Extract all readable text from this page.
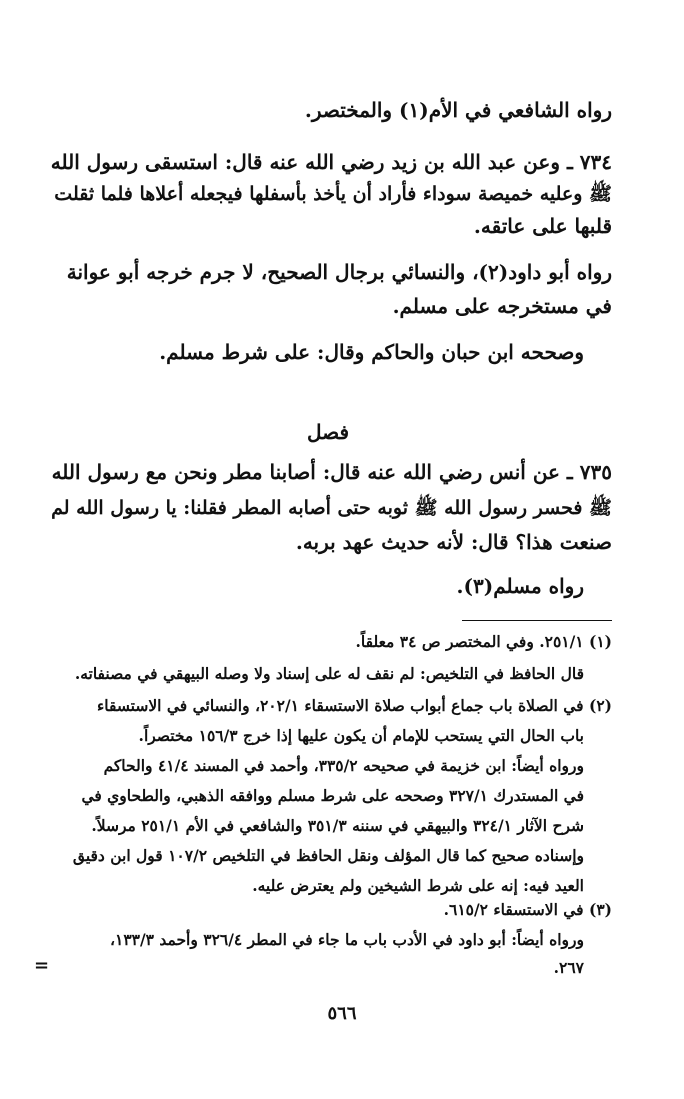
رواه الشافعي في الأم(١) والمختصر.
٧٣٤ ـ وعن عبد الله بن زيد رضي الله عنه قال: استسقى رسول الله
ﷺ وعليه خميصة سوداء فأراد أن يأخذ بأسفلها فيجعله أعلاها فلما ثقلت
قلبها على عاتقه.
رواه أبو داود(٢)، والنسائي برجال الصحيح، لا جرم خرجه أبو عوانة
في مستخرجه على مسلم.
وصححه ابن حبان والحاكم وقال: على شرط مسلم.
فصل
٧٣٥ ـ عن أنس رضي الله عنه قال: أصابنا مطر ونحن مع رسول الله
ﷺ فحسر رسول الله ﷺ ثوبه حتى أصابه المطر فقلنا: يا رسول الله لم
صنعت هذا؟ قال: لأنه حديث عهد بربه.
رواه مسلم(٣).
(١) ٢٥١/١. وفي المختصر ص ٣٤ معلقاً.
قال الحافظ في التلخيص: لم نقف له على إسناد ولا وصله البيهقي في مصنفاته.
(٢) في الصلاة باب جماع أبواب صلاة الاستسقاء ٢٠٢/١، والنسائي في الاستسقاء
باب الحال التي يستحب للإمام أن يكون عليها إذا خرج ١٥٦/٣ مختصراً.
ورواه أيضاً: ابن خزيمة في صحيحه ٣٣٥/٢، وأحمد في المسند ٤١/٤ والحاكم
في المستدرك ٣٢٧/١ وصححه على شرط مسلم ووافقه الذهبي، والطحاوي في
شرح الآثار ٣٢٤/١ والبيهقي في سننه ٣٥١/٣ والشافعي في الأم ٢٥١/١ مرسلاً.
وإسناده صحيح كما قال المؤلف ونقل الحافظ في التلخيص ١٠٧/٢ قول ابن دقيق
العيد فيه: إنه على شرط الشيخين ولم يعترض عليه.
(٣) في الاستسقاء ٦١٥/٢.
ورواه أيضاً: أبو داود في الأدب باب ما جاء في المطر ٣٢٦/٤ وأحمد ١٣٣/٣،
٢٦٧.
=
٥٦٦
